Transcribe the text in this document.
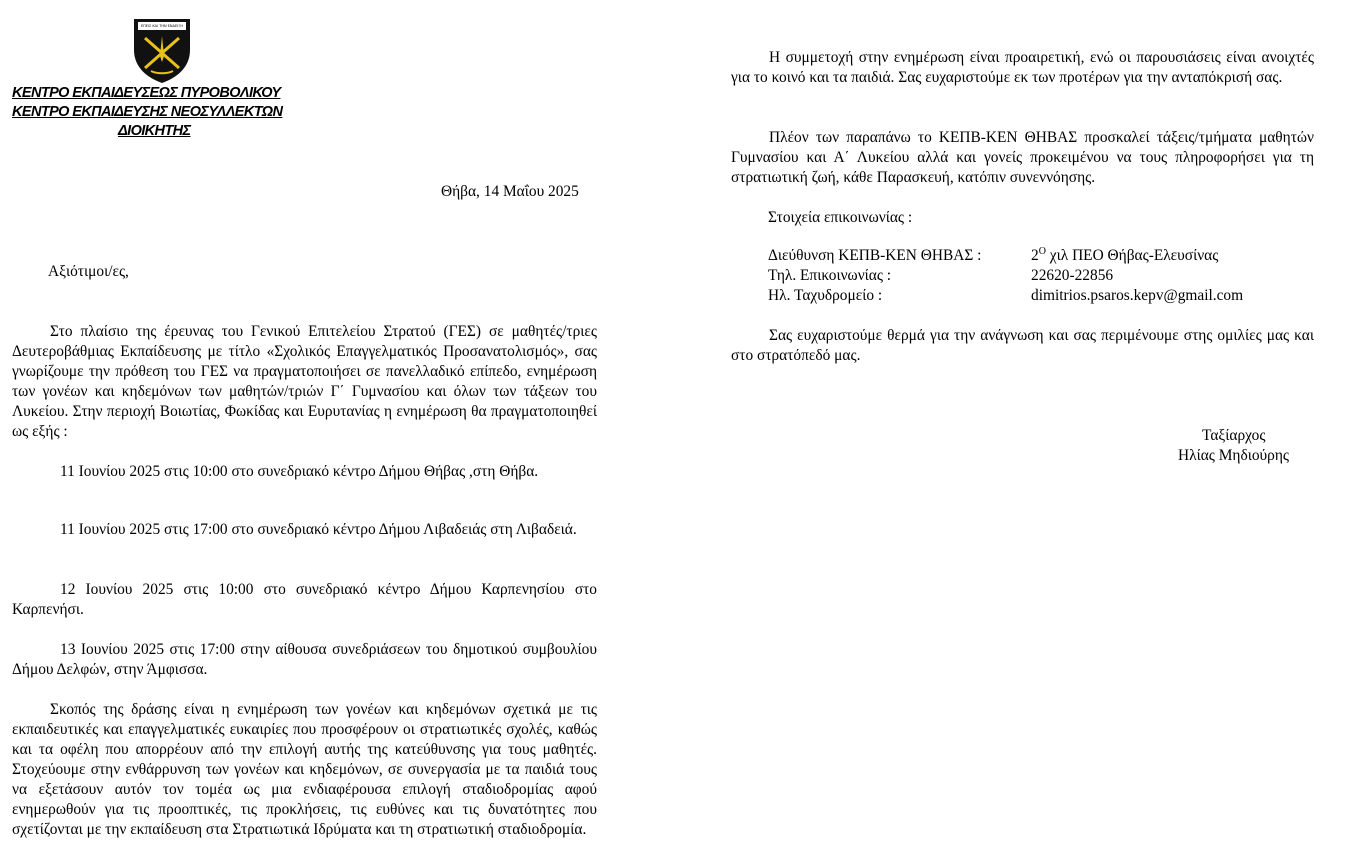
ΕΠΕΙΣ ΚΑΙ ΤΗΝ ΕΝΔΕΙΞΗ
ΚΕΝΤΡΟ ΕΚΠΑΙΔΕΥΣΕΩΣ ΠΥΡΟΒΟΛΙΚΟΥ
ΚΕΝΤΡΟ ΕΚΠΑΙΔΕΥΣΗΣ ΝΕΟΣΥΛΛΕΚΤΩΝ
ΔΙΟΙΚΗΤΗΣ
Θήβα, 14 Μαΐου 2025
Αξιότιμοι/ες,
Στο πλαίσιο της έρευνας του Γενικού Επιτελείου Στρατού (ΓΕΣ) σε μαθητές/τριες Δευτεροβάθμιας Εκπαίδευσης με τίτλο «Σχολικός Επαγγελματικός Προσανατολισμός», σας γνωρίζουμε την πρόθεση του ΓΕΣ να πραγματοποιήσει σε πανελλαδικό επίπεδο, ενημέρωση των γονέων και κηδεμόνων των μαθητών/τριών Γ΄ Γυμνασίου και όλων των τάξεων του Λυκείου. Στην περιοχή Βοιωτίας, Φωκίδας και Ευρυτανίας η ενημέρωση θα πραγματοποιηθεί ως εξής :
11 Ιουνίου 2025 στις 10:00 στο συνεδριακό κέντρο Δήμου Θήβας ,στη Θήβα.
11 Ιουνίου 2025 στις 17:00 στο συνεδριακό κέντρο Δήμου Λιβαδειάς στη Λιβαδειά.
12 Ιουνίου 2025 στις 10:00 στο συνεδριακό κέντρο Δήμου Καρπενησίου στο Καρπενήσι.
13 Ιουνίου 2025 στις 17:00 στην αίθουσα συνεδριάσεων του δημοτικού συμβουλίου Δήμου Δελφών, στην Άμφισσα.
Σκοπός της δράσης είναι η ενημέρωση των γονέων και κηδεμόνων σχετικά με τις εκπαιδευτικές και επαγγελματικές ευκαιρίες που προσφέρουν οι στρατιωτικές σχολές, καθώς και τα οφέλη που απορρέουν από την επιλογή αυτής της κατεύθυνσης για τους μαθητές. Στοχεύουμε στην ενθάρρυνση των γονέων και κηδεμόνων, σε συνεργασία με τα παιδιά τους να εξετάσουν αυτόν τον τομέα ως μια ενδιαφέρουσα επιλογή σταδιοδρομίας αφού ενημερωθούν για τις προοπτικές, τις προκλήσεις, τις ευθύνες και τις δυνατότητες που σχετίζονται με την εκπαίδευση στα Στρατιωτικά Ιδρύματα και τη στρατιωτική σταδιοδρομία.
Η συμμετοχή στην ενημέρωση είναι προαιρετική, ενώ οι παρουσιάσεις είναι ανοιχτές για το κοινό και τα παιδιά. Σας ευχαριστούμε εκ των προτέρων για την ανταπόκρισή σας.
Πλέον των παραπάνω το ΚΕΠΒ-ΚΕΝ ΘΗΒΑΣ προσκαλεί τάξεις/τμήματα μαθητών Γυμνασίου και Α΄ Λυκείου αλλά και γονείς προκειμένου να τους πληροφορήσει για τη στρατιωτική ζωή, κάθε Παρασκευή, κατόπιν συνεννόησης.
Στοιχεία επικοινωνίας :
Διεύθυνση ΚΕΠΒ-ΚΕΝ ΘΗΒΑΣ :	$2^O$ χιλ ΠΕΟ Θήβας-Ελευσίνας
Τηλ. Επικοινωνίας :	22620-22856
Ηλ. Ταχυδρομείο :	dimitrios.psaros.kepv@gmail.com
Σας ευχαριστούμε θερμά για την ανάγνωση και σας περιμένουμε στης ομιλίες μας και στο στρατόπεδό μας.
Ταξίαρχος
Ηλίας Μηδιούρης
